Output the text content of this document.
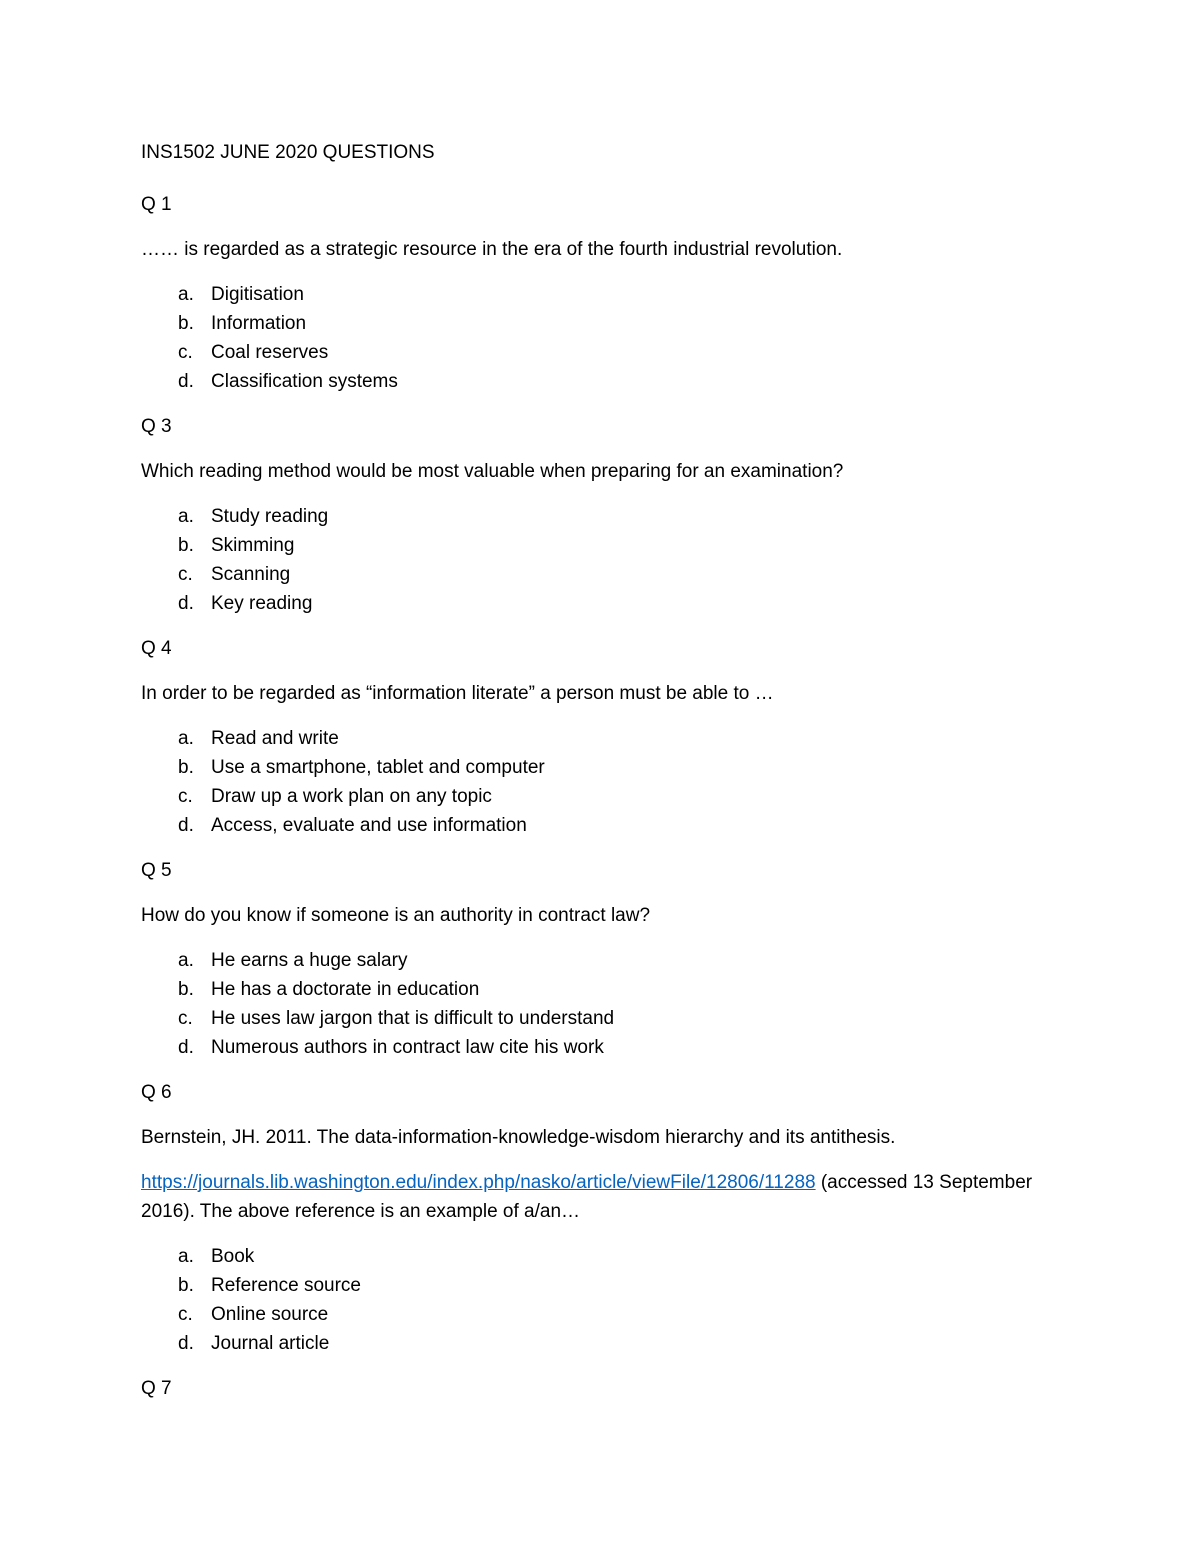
INS1502 JUNE 2020 QUESTIONS

Q 1

…… is regarded as a strategic resource in the era of the fourth industrial revolution.

a. Digitisation
b. Information
c. Coal reserves
d. Classification systems

Q 3

Which reading method would be most valuable when preparing for an examination?

a. Study reading
b. Skimming
c. Scanning
d. Key reading

Q 4

In order to be regarded as “information literate” a person must be able to …

a. Read and write
b. Use a smartphone, tablet and computer
c. Draw up a work plan on any topic
d. Access, evaluate and use information

Q 5

How do you know if someone is an authority in contract law?

a. He earns a huge salary
b. He has a doctorate in education
c. He uses law jargon that is difficult to understand
d. Numerous authors in contract law cite his work

Q 6

Bernstein, JH. 2011. The data-information-knowledge-wisdom hierarchy and its antithesis.

https://journals.lib.washington.edu/index.php/nasko/article/viewFile/12806/11288 (accessed 13 September 2016). The above reference is an example of a/an…

a. Book
b. Reference source
c. Online source
d. Journal article

Q 7
